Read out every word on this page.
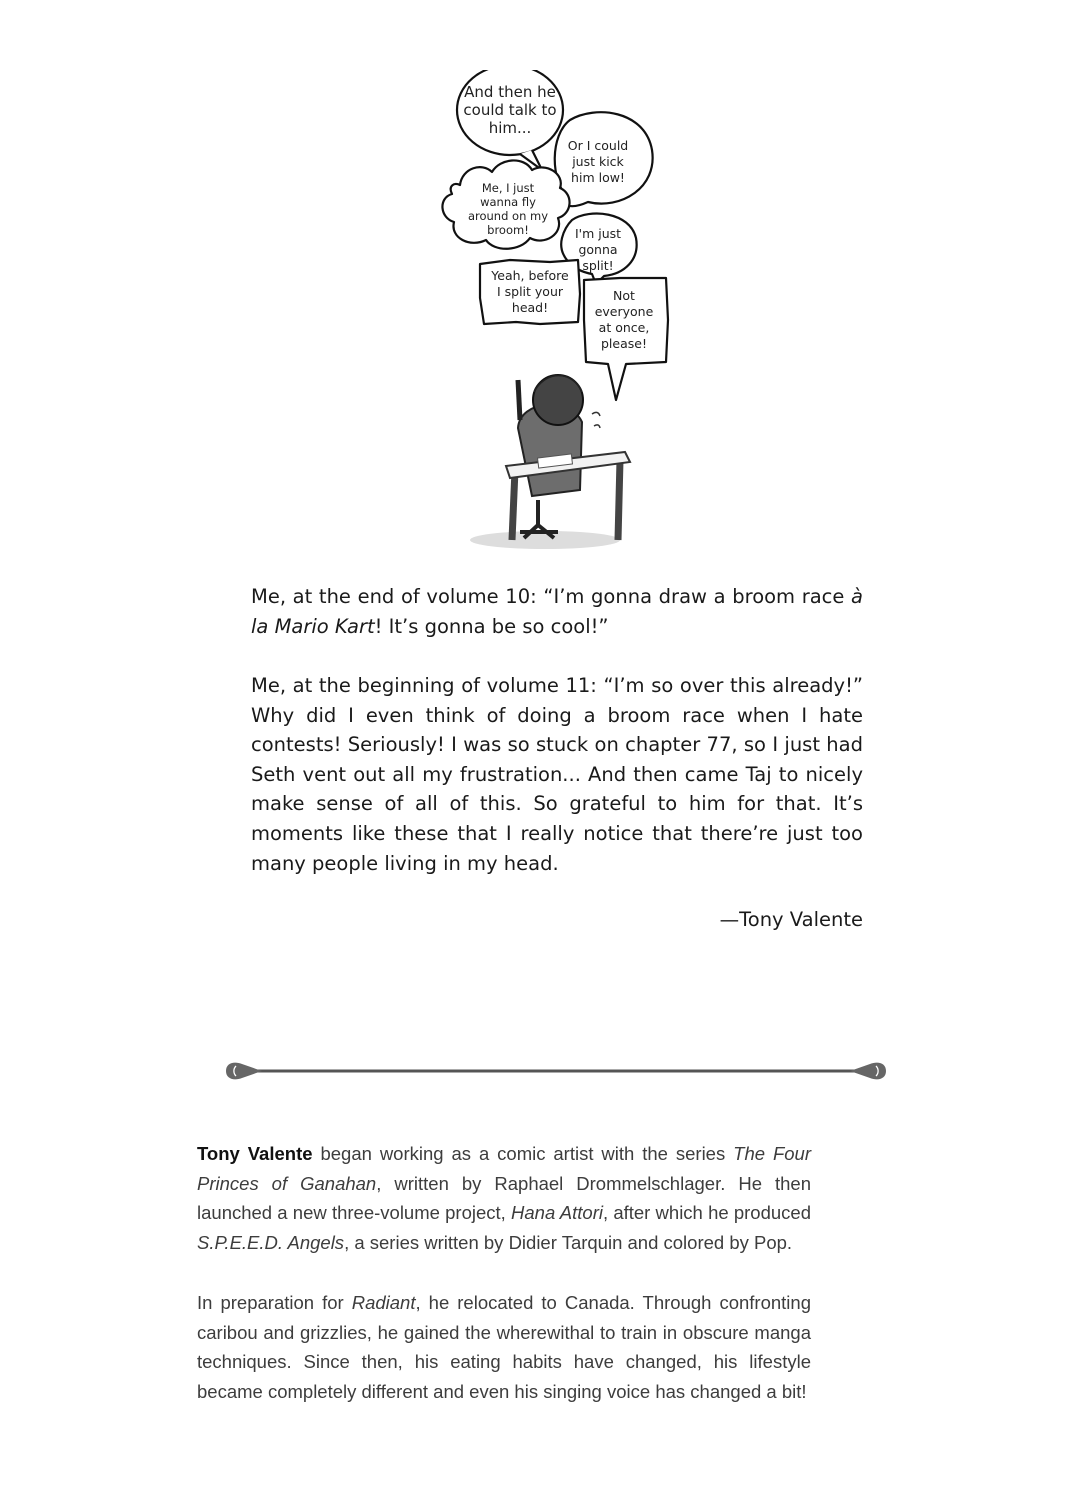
And then he
could talk to
him...
Or I could
just kick
him low!
Me, I just
wanna fly
around on my
broom!	I'm just
gonna
split!
Yeah, before
I split your
head!
Not
everyone
at once,
please!

Me, at the end of volume 10: “I’m gonna draw a broom race à la Mario Kart! It’s gonna be so cool!”

Me, at the beginning of volume 11: “I’m so over this already!” Why did I even think of doing a broom race when I hate contests! Seriously! I was so stuck on chapter 77, so I just had Seth vent out all my frustration... And then came Taj to nicely make sense of all of this. So grateful to him for that. It’s moments like these that I really notice that there’re just too many people living in my head.

—Tony Valente

Tony Valente began working as a comic artist with the series The Four Princes of Ganahan, written by Raphael Drommelschlager. He then launched a new three-volume project, Hana Attori, after which he produced S.P.E.E.D. Angels, a series written by Didier Tarquin and colored by Pop.

In preparation for Radiant, he relocated to Canada. Through confronting caribou and grizzlies, he gained the wherewithal to train in obscure manga techniques. Since then, his eating habits have changed, his lifestyle became completely different and even his singing voice has changed a bit!
